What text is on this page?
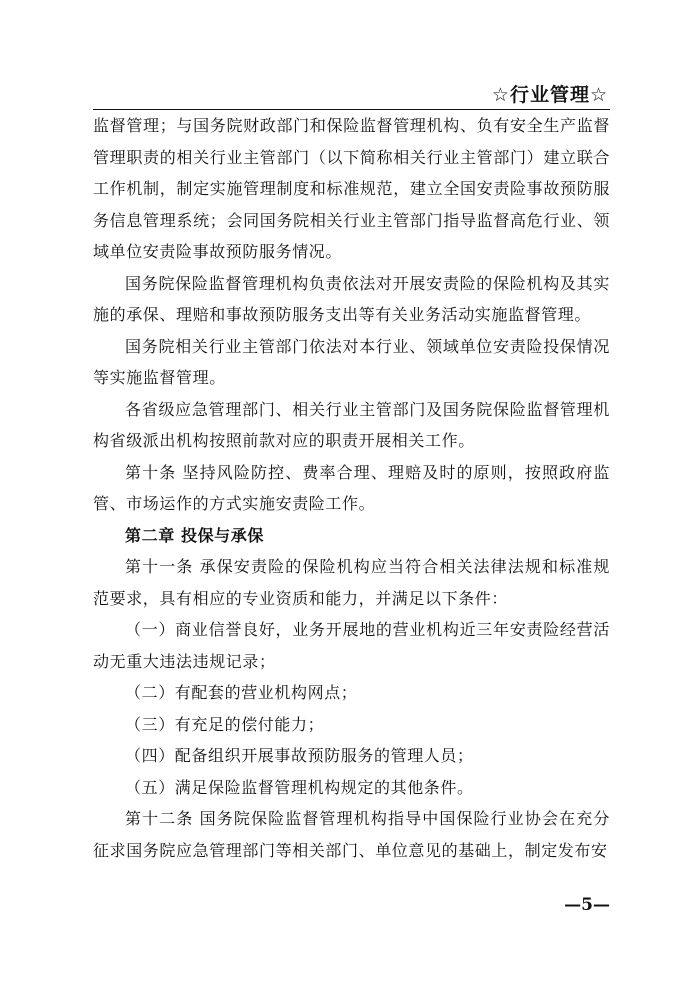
☆行业管理☆

监督管理；与国务院财政部门和保险监督管理机构、负有安全生产监督管理职责的相关行业主管部门（以下简称相关行业主管部门）建立联合工作机制，制定实施管理制度和标准规范，建立全国安责险事故预防服务信息管理系统；会同国务院相关行业主管部门指导监督高危行业、领域单位安责险事故预防服务情况。

国务院保险监督管理机构负责依法对开展安责险的保险机构及其实施的承保、理赔和事故预防服务支出等有关业务活动实施监督管理。

国务院相关行业主管部门依法对本行业、领域单位安责险投保情况等实施监督管理。

各省级应急管理部门、相关行业主管部门及国务院保险监督管理机构省级派出机构按照前款对应的职责开展相关工作。

第十条 坚持风险防控、费率合理、理赔及时的原则，按照政府监管、市场运作的方式实施安责险工作。

第二章 投保与承保

第十一条 承保安责险的保险机构应当符合相关法律法规和标准规范要求，具有相应的专业资质和能力，并满足以下条件：

（一）商业信誉良好，业务开展地的营业机构近三年安责险经营活动无重大违法违规记录；

（二）有配套的营业机构网点；

（三）有充足的偿付能力；

（四）配备组织开展事故预防服务的管理人员；

（五）满足保险监督管理机构规定的其他条件。

第十二条 国务院保险监督管理机构指导中国保险行业协会在充分征求国务院应急管理部门等相关部门、单位意见的基础上，制定发布安

—5—
